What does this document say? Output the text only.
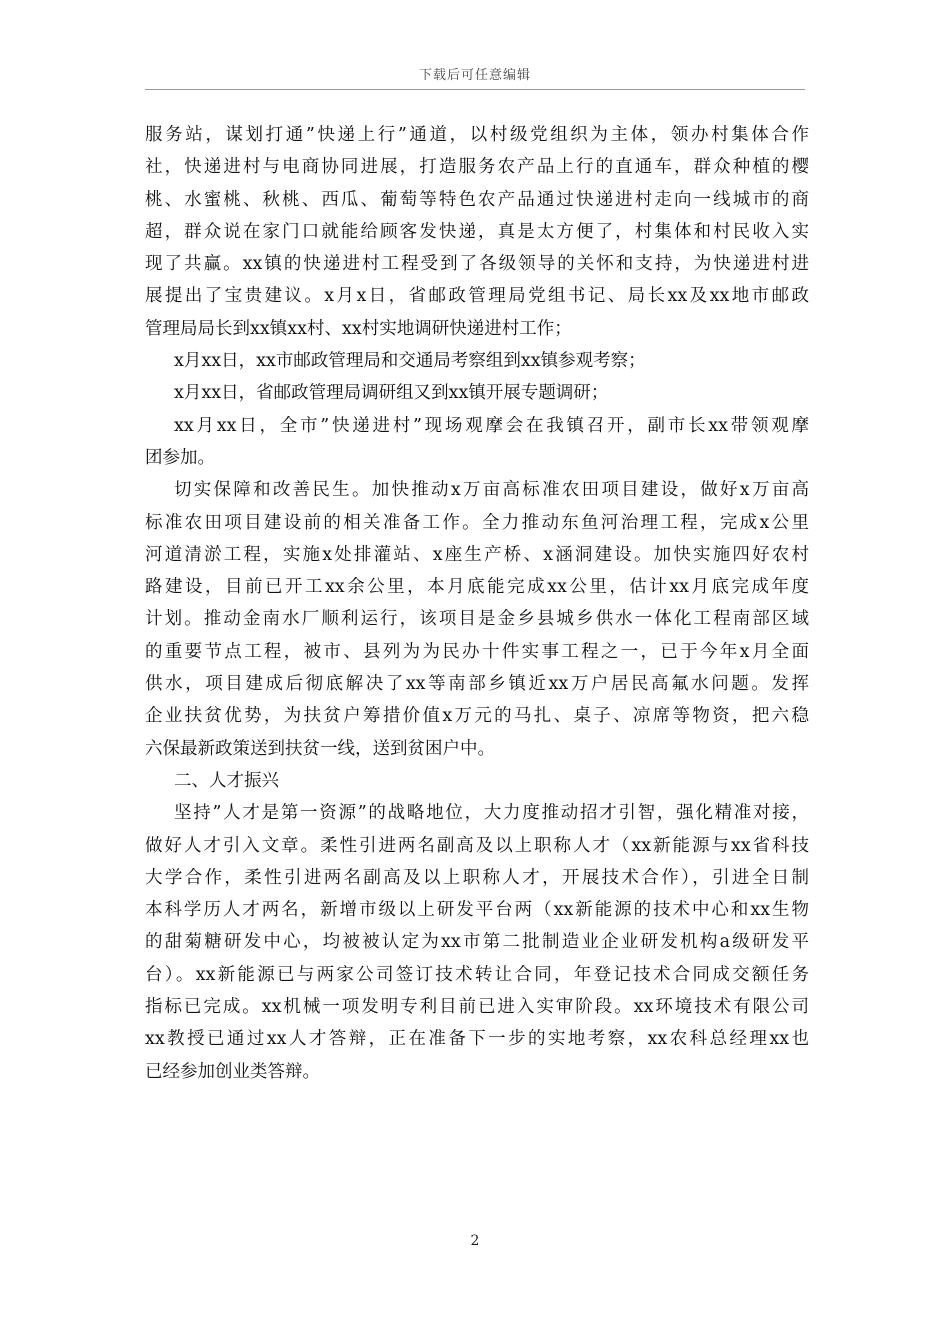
下载后可任意编辑
服务站，谋划打通”快递上行”通道，以村级党组织为主体，领办村集体合作
社，快递进村与电商协同进展，打造服务农产品上行的直通车，群众种植的樱
桃、水蜜桃、秋桃、西瓜、葡萄等特色农产品通过快递进村走向一线城市的商
超，群众说在家门口就能给顾客发快递，真是太方便了，村集体和村民收入实
现了共赢。xx镇的快递进村工程受到了各级领导的关怀和支持，为快递进村进
展提出了宝贵建议。x月x日，省邮政管理局党组书记、局长xx及xx地市邮政
管理局局长到xx镇xx村、xx村实地调研快递进村工作；
x月xx日，xx市邮政管理局和交通局考察组到xx镇参观考察；
x月xx日，省邮政管理局调研组又到xx镇开展专题调研；
xx月xx日，全市”快递进村”现场观摩会在我镇召开，副市长xx带领观摩
团参加。
切实保障和改善民生。加快推动x万亩高标准农田项目建设，做好x万亩高
标准农田项目建设前的相关准备工作。全力推动东鱼河治理工程，完成x公里
河道清淤工程，实施x处排灌站、x座生产桥、x涵洞建设。加快实施四好农村
路建设，目前已开工xx余公里，本月底能完成xx公里，估计xx月底完成年度
计划。推动金南水厂顺利运行，该项目是金乡县城乡供水一体化工程南部区域
的重要节点工程，被市、县列为为民办十件实事工程之一，已于今年x月全面
供水，项目建成后彻底解决了xx等南部乡镇近xx万户居民高氟水问题。发挥
企业扶贫优势，为扶贫户筹措价值x万元的马扎、桌子、凉席等物资，把六稳
六保最新政策送到扶贫一线，送到贫困户中。
二、人才振兴
坚持”人才是第一资源”的战略地位，大力度推动招才引智，强化精准对接，
做好人才引入文章。柔性引进两名副高及以上职称人才（xx新能源与xx省科技
大学合作，柔性引进两名副高及以上职称人才，开展技术合作），引进全日制
本科学历人才两名，新增市级以上研发平台两（xx新能源的技术中心和xx生物
的甜菊糖研发中心，均被被认定为xx市第二批制造业企业研发机构a级研发平
台）。xx新能源已与两家公司签订技术转让合同，年登记技术合同成交额任务
指标已完成。xx机械一项发明专利目前已进入实审阶段。xx环境技术有限公司
xx教授已通过xx人才答辩，正在准备下一步的实地考察，xx农科总经理xx也
已经参加创业类答辩。
2
